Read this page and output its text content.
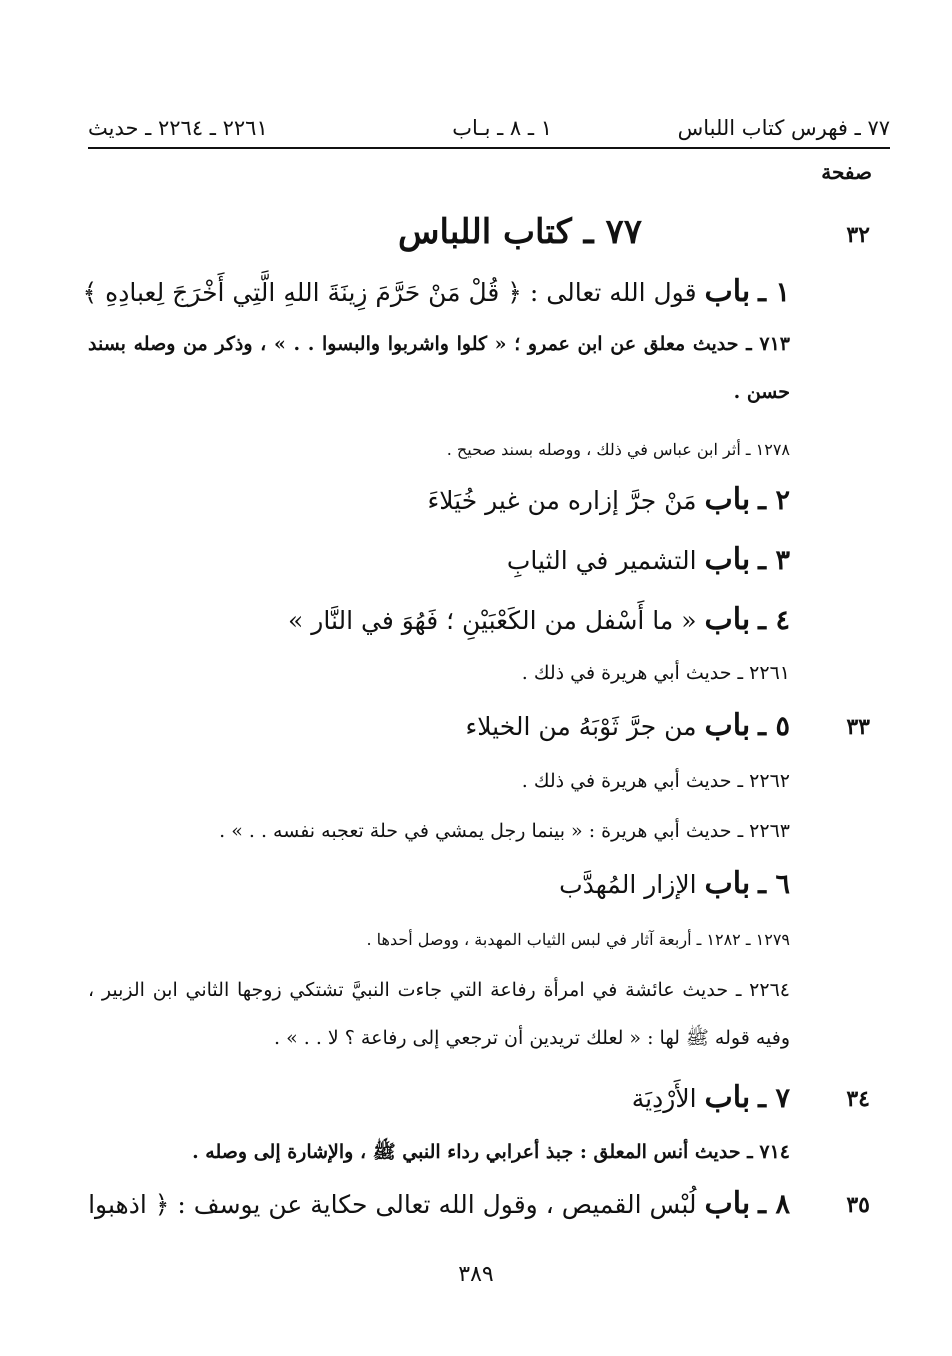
٧٧ ـ فهرس كتاب اللباس
١ ـ ٨ ـ بـاب
٢٢٦١ ـ ٢٢٦٤ ـ حديث
صفحة
٣٢
٧٧ ـ كتاب اللباس
١ ـ باب قول الله تعالى : ﴿ قُلْ مَنْ حَرَّمَ زِينَةَ اللهِ الَّتِي أَخْرَجَ لِعبادِهِ ﴾
٧١٣ ـ حديث معلق عن ابن عمرو ؛ « كلوا واشربوا والبسوا . . » ، وذكر من وصله بسند حسن .
١٢٧٨ ـ أثر ابن عباس في ذلك ، ووصله بسند صحيح .
٢ ـ باب مَنْ جرَّ إزاره من غير خُيَلاءَ
٣ ـ باب التشمير في الثيابِ
٤ ـ باب « ما أَسْفل من الكَعْبَيْنِ ؛ فَهُوَ في النَّار »
٢٢٦١ ـ حديث أبي هريرة في ذلك .
٣٣
٥ ـ باب من جرَّ ثَوْبَهُ من الخيلاء
٢٢٦٢ ـ حديث أبي هريرة في ذلك .
٢٢٦٣ ـ حديث أبي هريرة : « بينما رجل يمشي في حلة تعجبه نفسه . . » .
٦ ـ باب الإزار المُهدَّب
١٢٧٩ ـ ١٢٨٢ ـ أربعة آثار في لبس الثياب المهدبة ، ووصل أحدها .
٢٢٦٤ ـ حديث عائشة في امرأة رفاعة التي جاءت النبيَّ تشتكي زوجها الثاني ابن الزبير ، وفيه قوله ﷺ لها : « لعلك تريدين أن ترجعي إلى رفاعة ؟ لا . . » .
٣٤
٧ ـ باب الأَرْدِيَة
٧١٤ ـ حديث أنس المعلق : جبذ أعرابي رداء النبي ﷺ ، والإشارة إلى وصله .
٣٥
٨ ـ باب لُبْس القميص ، وقول الله تعالى حكاية عن يوسف : ﴿ اذهبوا
٣٨٩
